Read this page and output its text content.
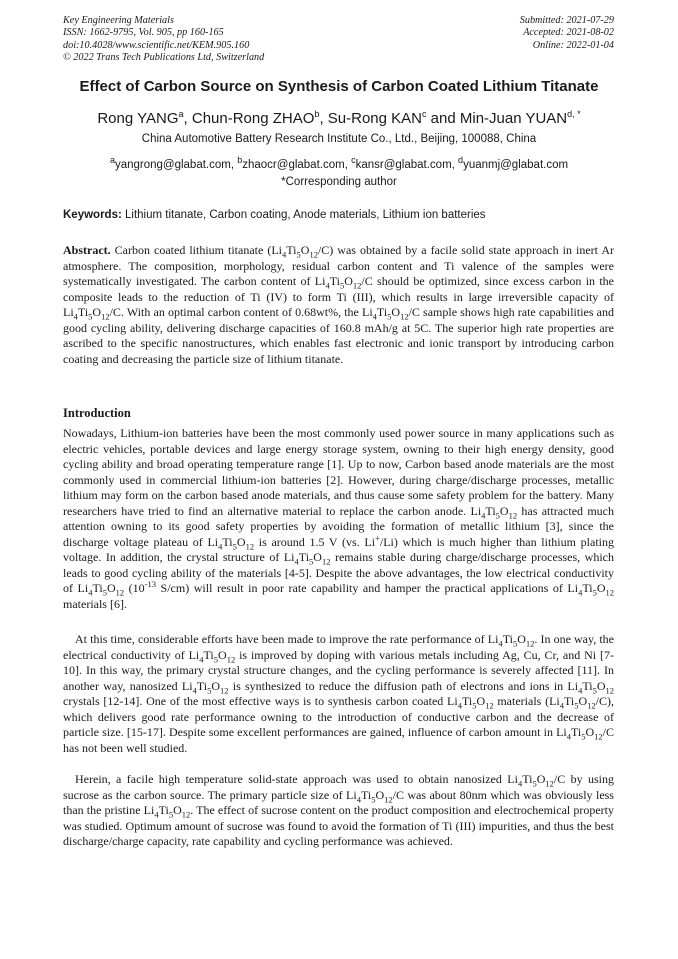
Key Engineering Materials
ISSN: 1662-9795, Vol. 905, pp 160-165
doi:10.4028/www.scientific.net/KEM.905.160
© 2022 Trans Tech Publications Ltd, Switzerland
Submitted: 2021-07-29
Accepted: 2021-08-02
Online: 2022-01-04
Effect of Carbon Source on Synthesis of Carbon Coated Lithium Titanate
Rong YANG$^a$, Chun-Rong ZHAO$^b$, Su-Rong KAN$^c$ and Min-Juan $YUAN^{d, *}$
China Automotive Battery Research Institute Co., Ltd., Beijing, 100088, China
$^a$yangrong@glabat.com, $^b$zhaocr@glabat.com, $^c$kansr@glabat.com, $^d$yuanmj@glabat.com
*Corresponding author
Keywords: Lithium titanate, Carbon coating, Anode materials, Lithium ion batteries
Abstract. Carbon coated lithium titanate $(Li_4Ti_5O_{12}/C)$ was obtained by a facile solid state approach in inert Ar atmosphere. The composition, morphology, residual carbon content and Ti valence of the samples were systematically investigated. The carbon content of $Li_4Ti_5O_{12}/C$ should be optimized, since excess carbon in the composite leads to the reduction of Ti (IV) to form Ti (III), which results in large irreversible capacity of $Li_4Ti_5O_{12}/C$. With an optimal carbon content of 0.68wt%, the $Li_4Ti_5O_{12}/C$ sample shows high rate capabilities and good cycling ability, delivering discharge capacities of 160.8 mAh/g at 5C. The superior high rate properties are ascribed to the specific nanostructures, which enables fast electronic and ionic transport by introducing carbon coating and decreasing the particle size of lithium titanate.
Introduction
Nowadays, Lithium-ion batteries have been the most commonly used power source in many applications such as electric vehicles, portable devices and large energy storage system, owning to their high energy density, good cycling ability and broad operating temperature range [1]. Up to now, Carbon based anode materials are the most commonly used in commercial lithium-ion batteries [2]. However, during charge/discharge processes, metallic lithium may form on the carbon based anode materials, and thus cause some safety problem for the battery. Many researchers have tried to find an alternative material to replace the carbon anode. $Li_4Ti_5O_{12}$ has attracted much attention owning to its good safety properties by avoiding the formation of metallic lithium [3], since the discharge voltage plateau of $Li_4Ti_5O_{12}$ is around 1.5 V (vs. Li+/Li) which is much higher than lithium plating voltage. In addition, the crystal structure of $Li_4Ti_5O_{12}$ remains stable during charge/discharge processes, which leads to good cycling ability of the materials [4-5]. Despite the above advantages, the low electrical conductivity of $Li_4Ti_5O_{12}$ ($10^{-13}$ S/cm) will result in poor rate capability and hamper the practical applications of $Li_4Ti_5O_{12}$ materials [6].
At this time, considerable efforts have been made to improve the rate performance of $Li_4Ti_5O_{12}$. In one way, the electrical conductivity of $Li_4Ti_5O_{12}$ is improved by doping with various metals including Ag, Cu, Cr, and Ni [7-10]. In this way, the primary crystal structure changes, and the cycling performance is severely affected [11]. In another way, nanosized $Li_4Ti_5O_{12}$ is synthesized to reduce the diffusion path of electrons and ions in $Li_4Ti_5O_{12}$ crystals [12-14]. One of the most effective ways is to synthesis carbon coated $Li_4Ti_5O_{12}$ materials $(Li_4Ti_5O_{12}/C)$, which delivers good rate performance owning to the introduction of conductive carbon and the decrease of particle size. [15-17]. Despite some excellent performances are gained, influence of carbon amount in $Li_4Ti_5O_{12}/C$ has not been well studied.
Herein, a facile high temperature solid-state approach was used to obtain nanosized $Li_4Ti_5O_{12}/C$ by using sucrose as the carbon source. The primary particle size of $Li_4Ti_5O_{12}/C$ was about 80nm which was obviously less than the pristine $Li_4Ti_5O_{12}$. The effect of sucrose content on the product composition and electrochemical property was studied. Optimum amount of sucrose was found to avoid the formation of Ti (III) impurities, and thus the best discharge/charge capacity, rate capability and cycling performance was achieved.
